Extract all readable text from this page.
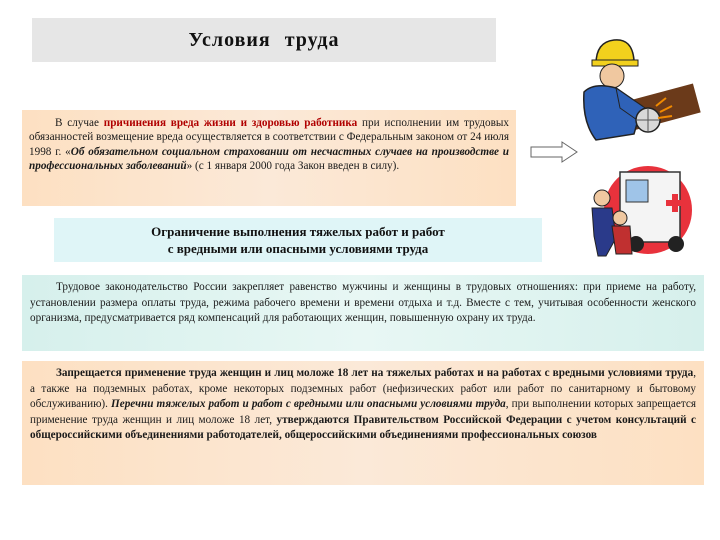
Условия труда
В случае причинения вреда жизни и здоровью работника при исполнении им трудовых обязанностей возмещение вреда осуществляется в соответствии с Федеральным законом от 24 июля 1998 г. «Об обязательном социальном страховании от несчастных случаев на производстве и профессиональных заболеваний» (с 1 января 2000 года Закон введен в силу).
Ограничение выполнения тяжелых работ и работ
с вредными или опасными условиями труда
Трудовое законодательство России закрепляет равенство мужчины и женщины в трудовых отношениях: при приеме на работу, установлении размера оплаты труда, режима рабочего времени и времени отдыха и т.д. Вместе с тем, учитывая особенности женского организма, предусматривается ряд компенсаций для работающих женщин, повышенную охрану их труда.
Запрещается применение труда женщин и лиц моложе 18 лет на тяжелых работах и на работах с вредными условиями труда, а также на подземных работах, кроме некоторых подземных работ (нефизических работ или работ по санитарному и бытовому обслуживанию). Перечни тяжелых работ и работ с вредными или опасными условиями труда, при выполнении которых запрещается применение труда женщин и лиц моложе 18 лет, утверждаются Правительством Российской Федерации с учетом консультаций с общероссийскими объединениями работодателей, общероссийскими объединениями профессиональных союзов
